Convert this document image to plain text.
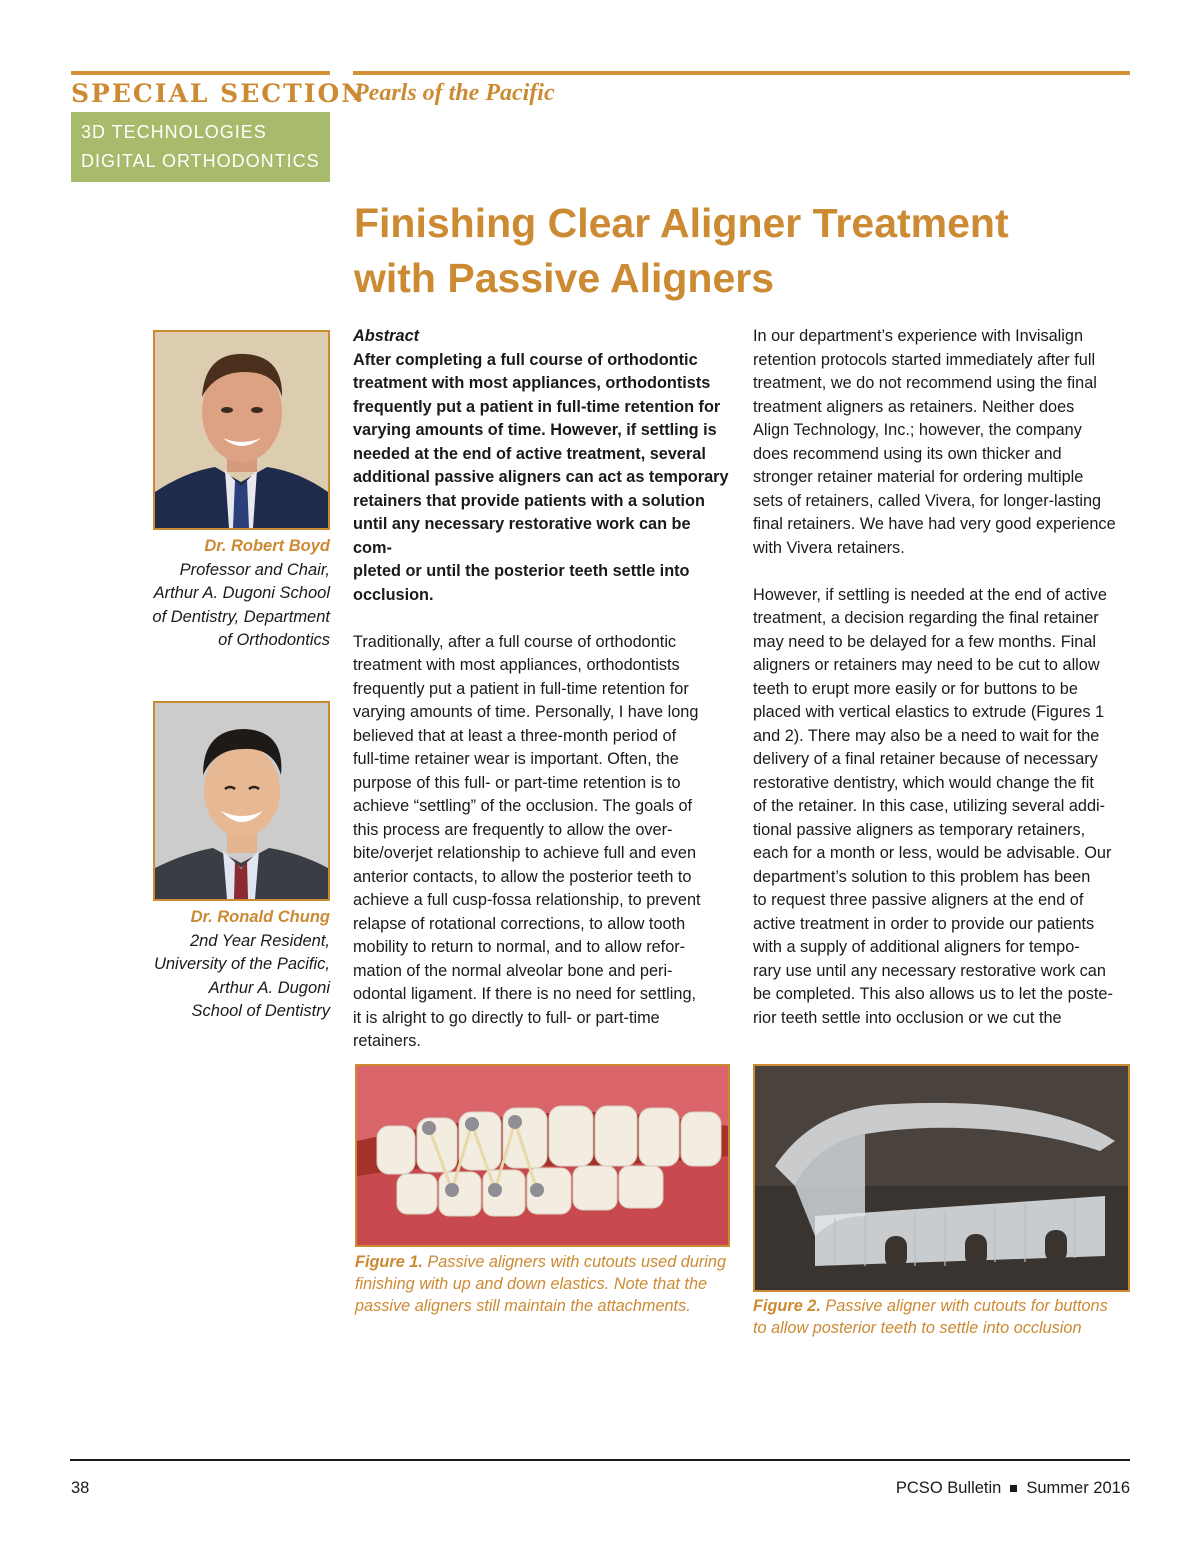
SPECIAL SECTION
Pearls of the Pacific
3D TECHNOLOGIES
DIGITAL ORTHODONTICS
Finishing Clear Aligner Treatment
with Passive Aligners
Dr. Robert Boyd
Professor and Chair,
Arthur A. Dugoni School
of Dentistry, Department
of Orthodontics
Dr. Ronald Chung
2nd Year Resident,
University of the Pacific,
Arthur A. Dugoni
School of Dentistry

Abstract

After completing a full course of orthodontic
treatment with most appliances, orthodontists
frequently put a patient in full-time retention for
varying amounts of time. However, if settling is
needed at the end of active treatment, several
additional passive aligners can act as temporary
retainers that provide patients with a solution
until any necessary restorative work can be com-
pleted or until the posterior teeth settle into
occlusion.
Traditionally, after a full course of orthodontic
treatment with most appliances, orthodontists
frequently put a patient in full-time retention for
varying amounts of time. Personally, I have long
believed that at least a three-month period of
full-time retainer wear is important. Often, the
purpose of this full- or part-time retention is to
achieve “settling” of the occlusion. The goals of
this process are frequently to allow the over-
bite/overjet relationship to achieve full and even
anterior contacts, to allow the posterior teeth to
achieve a full cusp-fossa relationship, to prevent
relapse of rotational corrections, to allow tooth
mobility to return to normal, and to allow refor-
mation of the normal alveolar bone and peri-
odontal ligament. If there is no need for settling,
it is alright to go directly to full- or part-time
retainers.
In our department’s experience with Invisalign
retention protocols started immediately after full
treatment, we do not recommend using the final
treatment aligners as retainers. Neither does
Align Technology, Inc.; however, the company
does recommend using its own thicker and
stronger retainer material for ordering multiple
sets of retainers, called Vivera, for longer-lasting
final retainers. We have had very good experience
with Vivera retainers.
However, if settling is needed at the end of active
treatment, a decision regarding the final retainer
may need to be delayed for a few months. Final
aligners or retainers may need to be cut to allow
teeth to erupt more easily or for buttons to be
placed with vertical elastics to extrude (Figures 1
and 2). There may also be a need to wait for the
delivery of a final retainer because of necessary
restorative dentistry, which would change the fit
of the retainer. In this case, utilizing several addi-
tional passive aligners as temporary retainers,
each for a month or less, would be advisable. Our
department’s solution to this problem has been
to request three passive aligners at the end of
active treatment in order to provide our patients
with a supply of additional aligners for tempo-
rary use until any necessary restorative work can
be completed. This also allows us to let the poste-
rior teeth settle into occlusion or we cut the
Figure 1. Passive aligners with cutouts used during
finishing with up and down elastics. Note that the
passive aligners still maintain the attachments.	Figure 2. Passive aligner with cutouts for buttons
to allow posterior teeth to settle into occlusion
38	PCSO Bulletin Summer 2016
